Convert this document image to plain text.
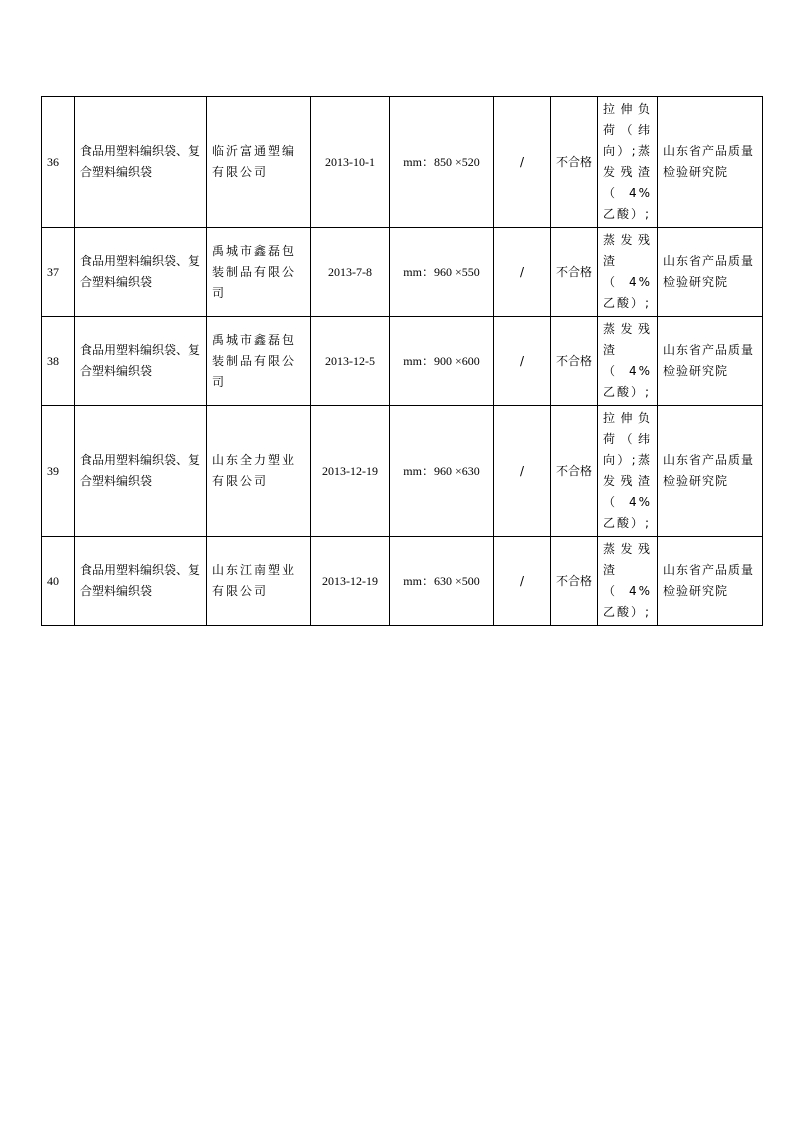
36	食品用塑料编织袋、复合塑料编织袋	临沂富通塑编有限公司	2013-10-1	mm：850 ×520	/	不合格	拉伸负荷（纬向）;蒸发残渣（4%乙酸）;	山东省产品质量检验研究院
37	食品用塑料编织袋、复合塑料编织袋	禹城市鑫磊包装制品有限公司	2013-7-8	mm：960 ×550	/	不合格	蒸发残渣（4%乙酸）;	山东省产品质量检验研究院
38	食品用塑料编织袋、复合塑料编织袋	禹城市鑫磊包装制品有限公司	2013-12-5	mm：900 ×600	/	不合格	蒸发残渣（4%乙酸）;	山东省产品质量检验研究院
39	食品用塑料编织袋、复合塑料编织袋	山东全力塑业有限公司	2013-12-19	mm：960 ×630	/	不合格	拉伸负荷（纬向）;蒸发残渣（4%乙酸）;	山东省产品质量检验研究院
40	食品用塑料编织袋、复合塑料编织袋	山东江南塑业有限公司	2013-12-19	mm：630 ×500	/	不合格	蒸发残渣（4%乙酸）;	山东省产品质量检验研究院
